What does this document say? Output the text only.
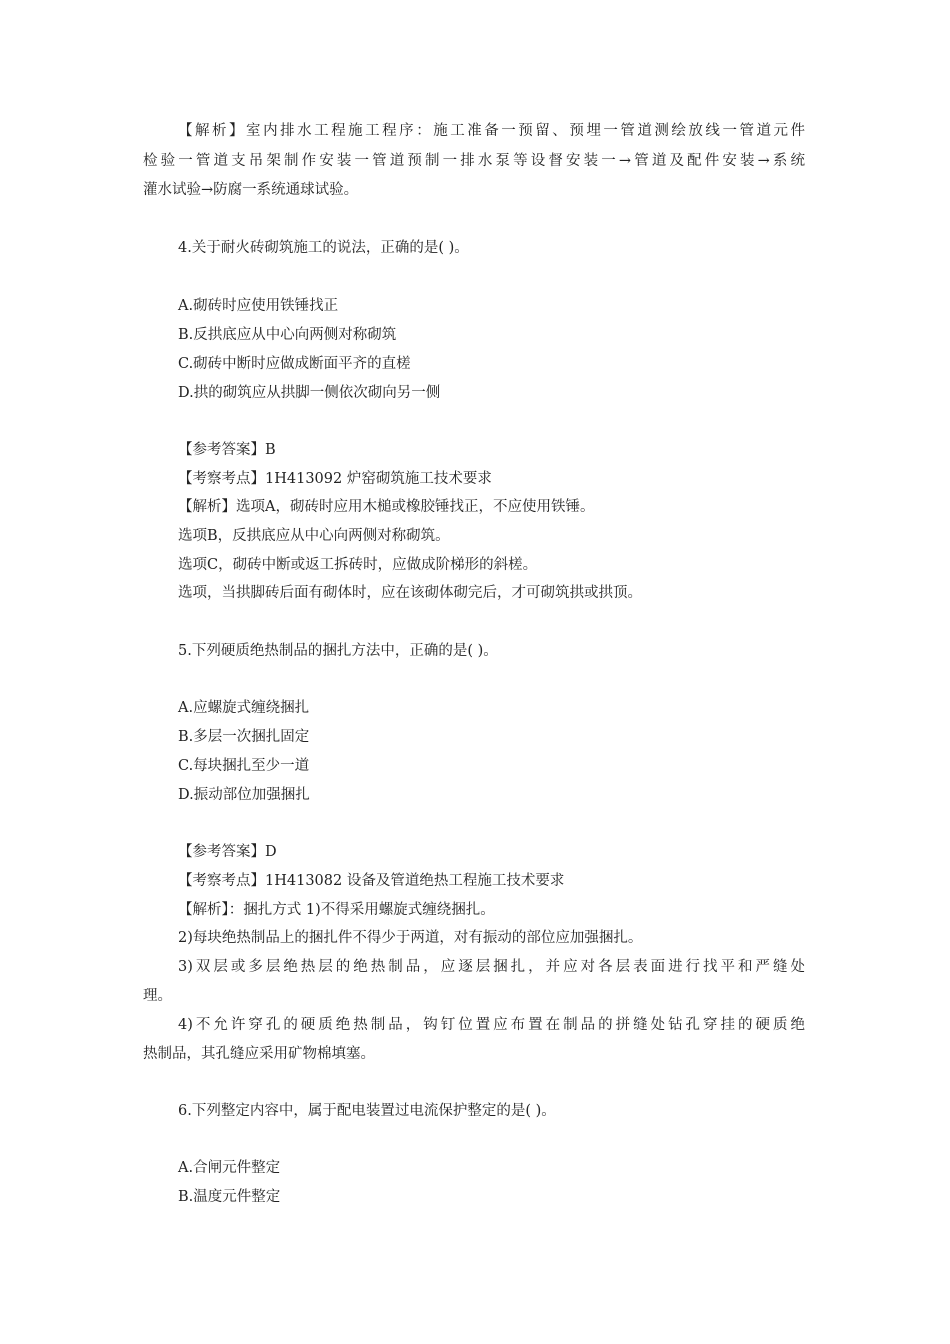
【解析】室内排水工程施工程序：施工准备一预留、预埋一管道测绘放线一管道元件
检验一管道支吊架制作安装一管道预制一排水泵等设督安装一→管道及配件安装→系统
灌水试验→防腐一系统通球试验。
4.关于耐火砖砌筑施工的说法，正确的是( )。
A.砌砖时应使用铁锤找正
B.反拱底应从中心向两侧对称砌筑
C.砌砖中断时应做成断面平齐的直槎
D.拱的砌筑应从拱脚一侧依次砌向另一侧
【参考答案】B
【考察考点】1H413092 炉窑砌筑施工技术要求
【解析】选项A，砌砖时应用木槌或橡胶锤找正，不应使用铁锤。
选项B，反拱底应从中心向两侧对称砌筑。
选项C，砌砖中断或返工拆砖时，应做成阶梯形的斜槎。
选项，当拱脚砖后面有砌体时，应在该砌体砌完后，才可砌筑拱或拱顶。
5.下列硬质绝热制品的捆扎方法中，正确的是( )。
A.应螺旋式缠绕捆扎
B.多层一次捆扎固定
C.每块捆扎至少一道
D.振动部位加强捆扎
【参考答案】D
【考察考点】1H413082 设备及管道绝热工程施工技术要求
【解析】：捆扎方式 1)不得采用螺旋式缠绕捆扎。
2)每块绝热制品上的捆扎件不得少于两道，对有振动的部位应加强捆扎。
3)双层或多层绝热层的绝热制品，应逐层捆扎，并应对各层表面进行找平和严缝处
理。
4)不允许穿孔的硬质绝热制品，钩钉位置应布置在制品的拼缝处钻孔穿挂的硬质绝
热制品，其孔缝应采用矿物棉填塞。
6.下列整定内容中，属于配电装置过电流保护整定的是( )。
A.合闸元件整定
B.温度元件整定
